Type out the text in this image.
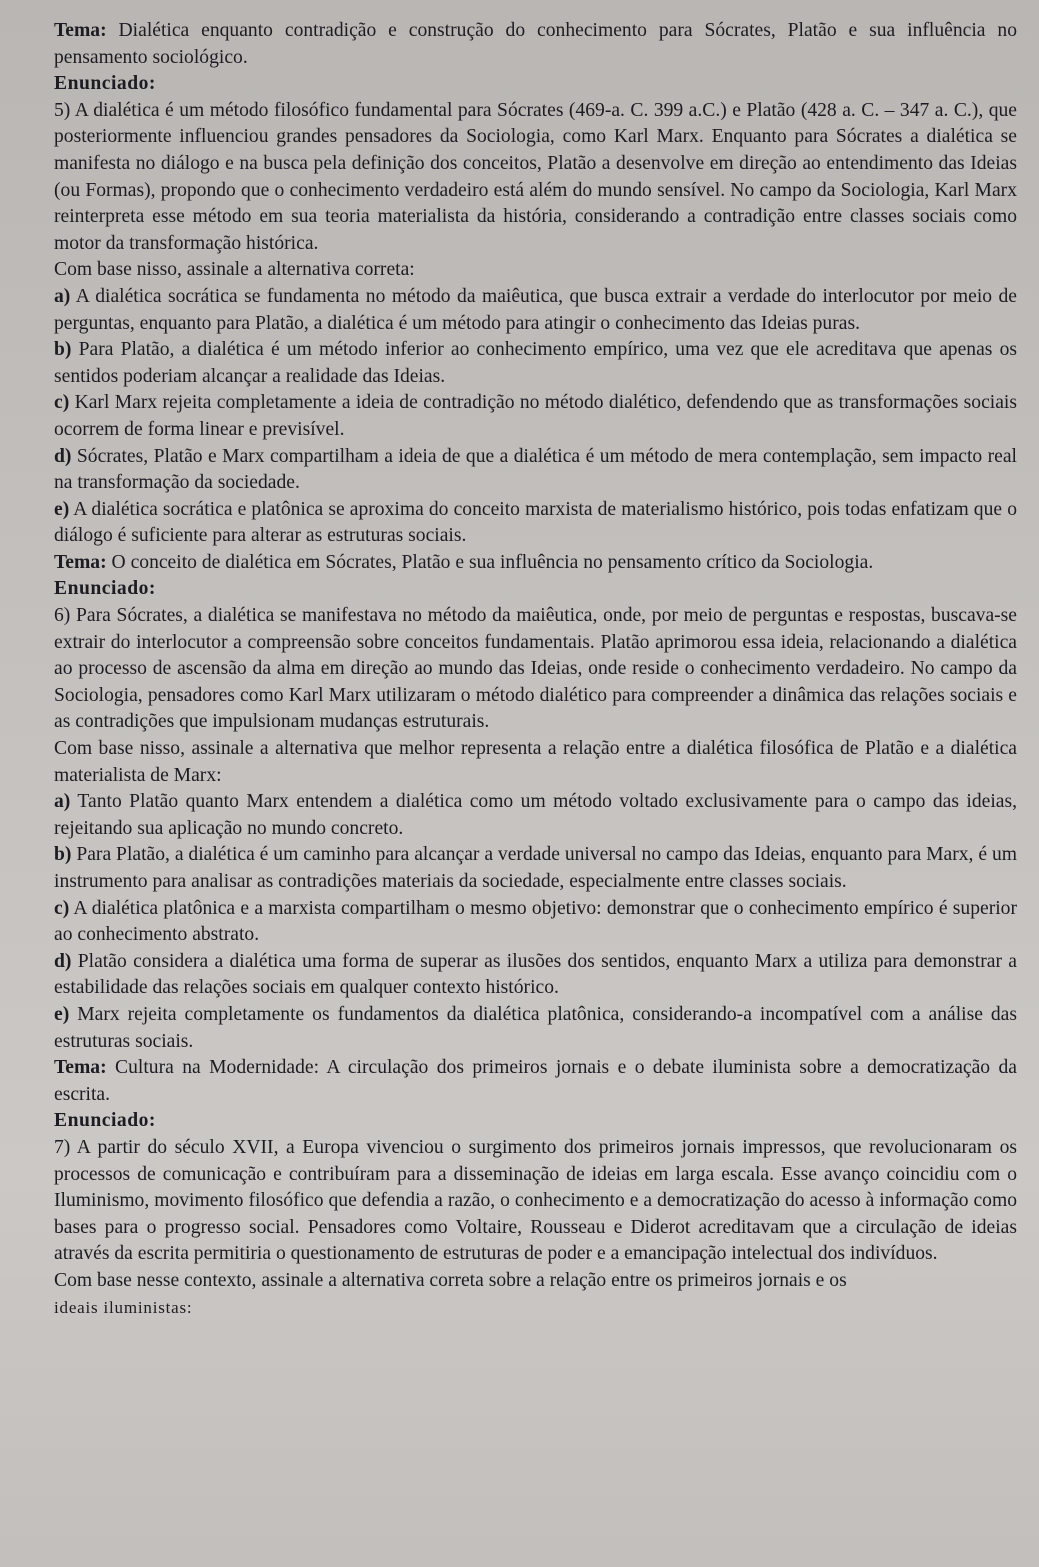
Tema: Dialética enquanto contradição e construção do conhecimento para Sócrates, Platão e sua influência no pensamento sociológico.

Enunciado:

5) A dialética é um método filosófico fundamental para Sócrates (469-a. C. 399 a.C.) e Platão (428 a. C. – 347 a. C.), que posteriormente influenciou grandes pensadores da Sociologia, como Karl Marx. Enquanto para Sócrates a dialética se manifesta no diálogo e na busca pela definição dos conceitos, Platão a desenvolve em direção ao entendimento das Ideias (ou Formas), propondo que o conhecimento verdadeiro está além do mundo sensível. No campo da Sociologia, Karl Marx reinterpreta esse método em sua teoria materialista da história, considerando a contradição entre classes sociais como motor da transformação histórica.

Com base nisso, assinale a alternativa correta:

a) A dialética socrática se fundamenta no método da maiêutica, que busca extrair a verdade do interlocutor por meio de perguntas, enquanto para Platão, a dialética é um método para atingir o conhecimento das Ideias puras.

b) Para Platão, a dialética é um método inferior ao conhecimento empírico, uma vez que ele acreditava que apenas os sentidos poderiam alcançar a realidade das Ideias.

c) Karl Marx rejeita completamente a ideia de contradição no método dialético, defendendo que as transformações sociais ocorrem de forma linear e previsível.

d) Sócrates, Platão e Marx compartilham a ideia de que a dialética é um método de mera contemplação, sem impacto real na transformação da sociedade.

e) A dialética socrática e platônica se aproxima do conceito marxista de materialismo histórico, pois todas enfatizam que o diálogo é suficiente para alterar as estruturas sociais.

Tema: O conceito de dialética em Sócrates, Platão e sua influência no pensamento crítico da Sociologia.

Enunciado:

6) Para Sócrates, a dialética se manifestava no método da maiêutica, onde, por meio de perguntas e respostas, buscava-se extrair do interlocutor a compreensão sobre conceitos fundamentais. Platão aprimorou essa ideia, relacionando a dialética ao processo de ascensão da alma em direção ao mundo das Ideias, onde reside o conhecimento verdadeiro. No campo da Sociologia, pensadores como Karl Marx utilizaram o método dialético para compreender a dinâmica das relações sociais e as contradições que impulsionam mudanças estruturais.

Com base nisso, assinale a alternativa que melhor representa a relação entre a dialética filosófica de Platão e a dialética materialista de Marx:

a) Tanto Platão quanto Marx entendem a dialética como um método voltado exclusivamente para o campo das ideias, rejeitando sua aplicação no mundo concreto.

b) Para Platão, a dialética é um caminho para alcançar a verdade universal no campo das Ideias, enquanto para Marx, é um instrumento para analisar as contradições materiais da sociedade, especialmente entre classes sociais.

c) A dialética platônica e a marxista compartilham o mesmo objetivo: demonstrar que o conhecimento empírico é superior ao conhecimento abstrato.

d) Platão considera a dialética uma forma de superar as ilusões dos sentidos, enquanto Marx a utiliza para demonstrar a estabilidade das relações sociais em qualquer contexto histórico.

e) Marx rejeita completamente os fundamentos da dialética platônica, considerando-a incompatível com a análise das estruturas sociais.

Tema: Cultura na Modernidade: A circulação dos primeiros jornais e o debate iluminista sobre a democratização da escrita.

Enunciado:

7) A partir do século XVII, a Europa vivenciou o surgimento dos primeiros jornais impressos, que revolucionaram os processos de comunicação e contribuíram para a disseminação de ideias em larga escala. Esse avanço coincidiu com o Iluminismo, movimento filosófico que defendia a razão, o conhecimento e a democratização do acesso à informação como bases para o progresso social. Pensadores como Voltaire, Rousseau e Diderot acreditavam que a circulação de ideias através da escrita permitiria o questionamento de estruturas de poder e a emancipação intelectual dos indivíduos.

Com base nesse contexto, assinale a alternativa correta sobre a relação entre os primeiros jornais e os

ideais iluministas:
